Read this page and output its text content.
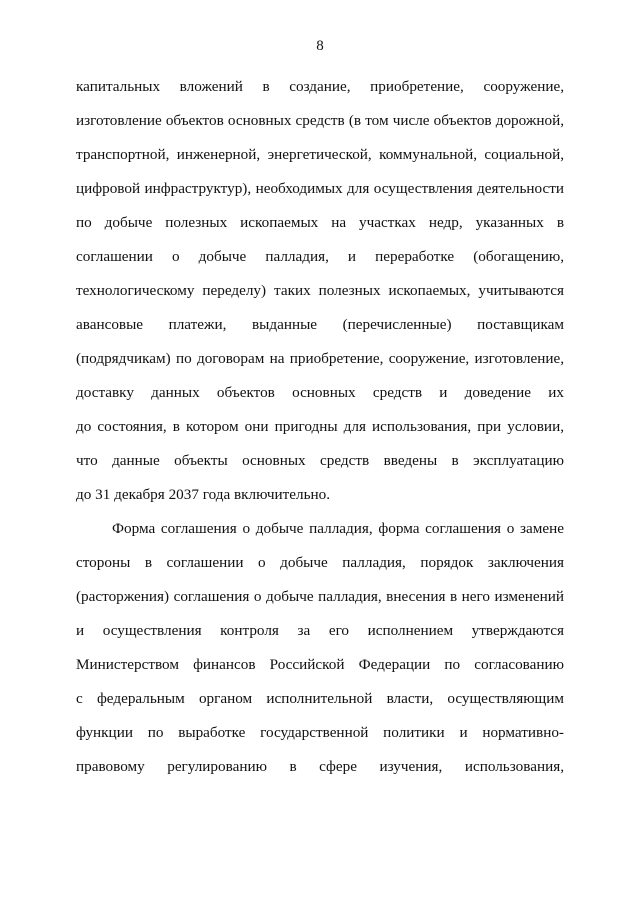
8
капитальных вложений в создание, приобретение, сооружение,
изготовление объектов основных средств (в том числе объектов дорожной,
транспортной, инженерной, энергетической, коммунальной, социальной,
цифровой инфраструктур), необходимых для осуществления деятельности
по добыче полезных ископаемых на участках недр, указанных в
соглашении о добыче палладия, и переработке (обогащению,
технологическому переделу) таких полезных ископаемых, учитываются
авансовые платежи, выданные (перечисленные) поставщикам
(подрядчикам) по договорам на приобретение, сооружение, изготовление,
доставку данных объектов основных средств и доведение их
до состояния, в котором они пригодны для использования, при условии,
что данные объекты основных средств введены в эксплуатацию
до 31 декабря 2037 года включительно.
Форма соглашения о добыче палладия, форма соглашения о замене
стороны в соглашении о добыче палладия, порядок заключения
(расторжения) соглашения о добыче палладия, внесения в него изменений
и осуществления контроля за его исполнением утверждаются
Министерством финансов Российской Федерации по согласованию
с федеральным органом исполнительной власти, осуществляющим
функции по выработке государственной политики и нормативно-
правовому регулированию в сфере изучения, использования,
